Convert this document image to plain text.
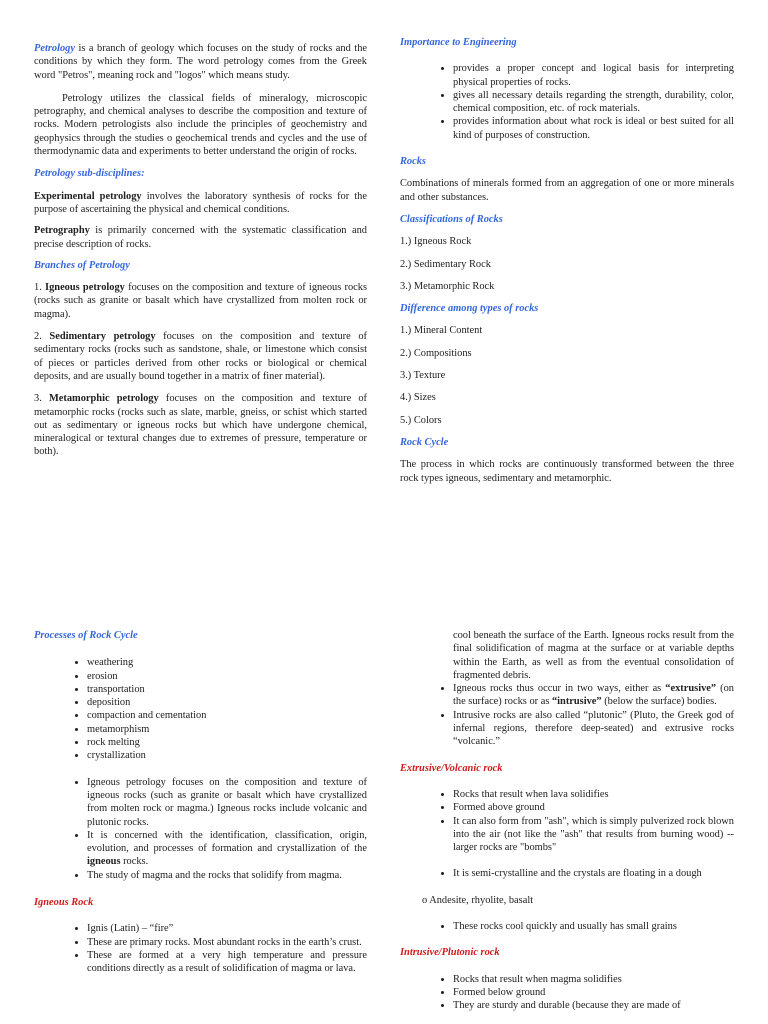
Petrology is a branch of geology which focuses on the study of rocks and the conditions by which they form. The word petrology comes from the Greek word "Petros", meaning rock and "logos" which means study.

Petrology utilizes the classical fields of mineralogy, microscopic petrography, and chemical analyses to describe the composition and texture of rocks. Modern petrologists also include the principles of geochemistry and geophysics through the studies o geochemical trends and cycles and the use of thermodynamic data and experiments to better understand the origin of rocks.

Petrology sub-disciplines:

Experimental petrology involves the laboratory synthesis of rocks for the purpose of ascertaining the physical and chemical conditions.

Petrography is primarily concerned with the systematic classification and precise description of rocks.

Branches of Petrology

1. Igneous petrology focuses on the composition and texture of igneous rocks (rocks such as granite or basalt which have crystallized from molten rock or magma).

2. Sedimentary petrology focuses on the composition and texture of sedimentary rocks (rocks such as sandstone, shale, or limestone which consist of pieces or particles derived from other rocks or biological or chemical deposits, and are usually bound together in a matrix of finer material).

3. Metamorphic petrology focuses on the composition and texture of metamorphic rocks (rocks such as slate, marble, gneiss, or schist which started out as sedimentary or igneous rocks but which have undergone chemical, mineralogical or textural changes due to extremes of pressure, temperature or both).

Importance to Engineering

• provides a proper concept and logical basis for interpreting physical properties of rocks.
• gives all necessary details regarding the strength, durability, color, chemical composition, etc. of rock materials.
• provides information about what rock is ideal or best suited for all kind of purposes of construction.

Rocks

Combinations of minerals formed from an aggregation of one or more minerals and other substances.

Classifications of Rocks

1.) Igneous Rock

2.) Sedimentary Rock

3.) Metamorphic Rock

Difference among types of rocks

1.) Mineral Content

2.) Compositions

3.) Texture

4.) Sizes

5.) Colors

Rock Cycle

The process in which rocks are continuously transformed between the three rock types igneous, sedimentary and metamorphic.

Processes of Rock Cycle

• weathering
• erosion
• transportation
• deposition
• compaction and cementation
• metamorphism
• rock melting
• crystallization
• Igneous petrology focuses on the composition and texture of igneous rocks (such as granite or basalt which have crystallized from molten rock or magma.) Igneous rocks include volcanic and plutonic rocks.
• It is concerned with the identification, classification, origin, evolution, and processes of formation and crystallization of the igneous rocks.
• The study of magma and the rocks that solidify from magma.

Igneous Rock

• Ignis (Latin) – “fire”
• These are primary rocks. Most abundant rocks in the earth’s crust.
• These are formed at a very high temperature and pressure conditions directly as a result of solidification of magma or lava.

cool beneath the surface of the Earth. Igneous rocks result from the final solidification of magma at the surface or at variable depths within the Earth, as well as from the eventual consolidation of fragmented debris.

• Igneous rocks thus occur in two ways, either as “extrusive” (on the surface) rocks or as “intrusive” (below the surface) bodies.
• Intrusive rocks are also called “plutonic” (Pluto, the Greek god of infernal regions, therefore deep-seated) and extrusive rocks “volcanic.”

Extrusive/Volcanic rock

• Rocks that result when lava solidifies
• Formed above ground
• It can also form from "ash", which is simply pulverized rock blown into the air (not like the "ash" that results from burning wood) -- larger rocks are "bombs"
• It is semi-crystalline and the crystals are floating in a dough

o Andesite, rhyolite, basalt

• These rocks cool quickly and usually has small grains

Intrusive/Plutonic rock

• Rocks that result when magma solidifies
• Formed below ground
• They are sturdy and durable (because they are made of
